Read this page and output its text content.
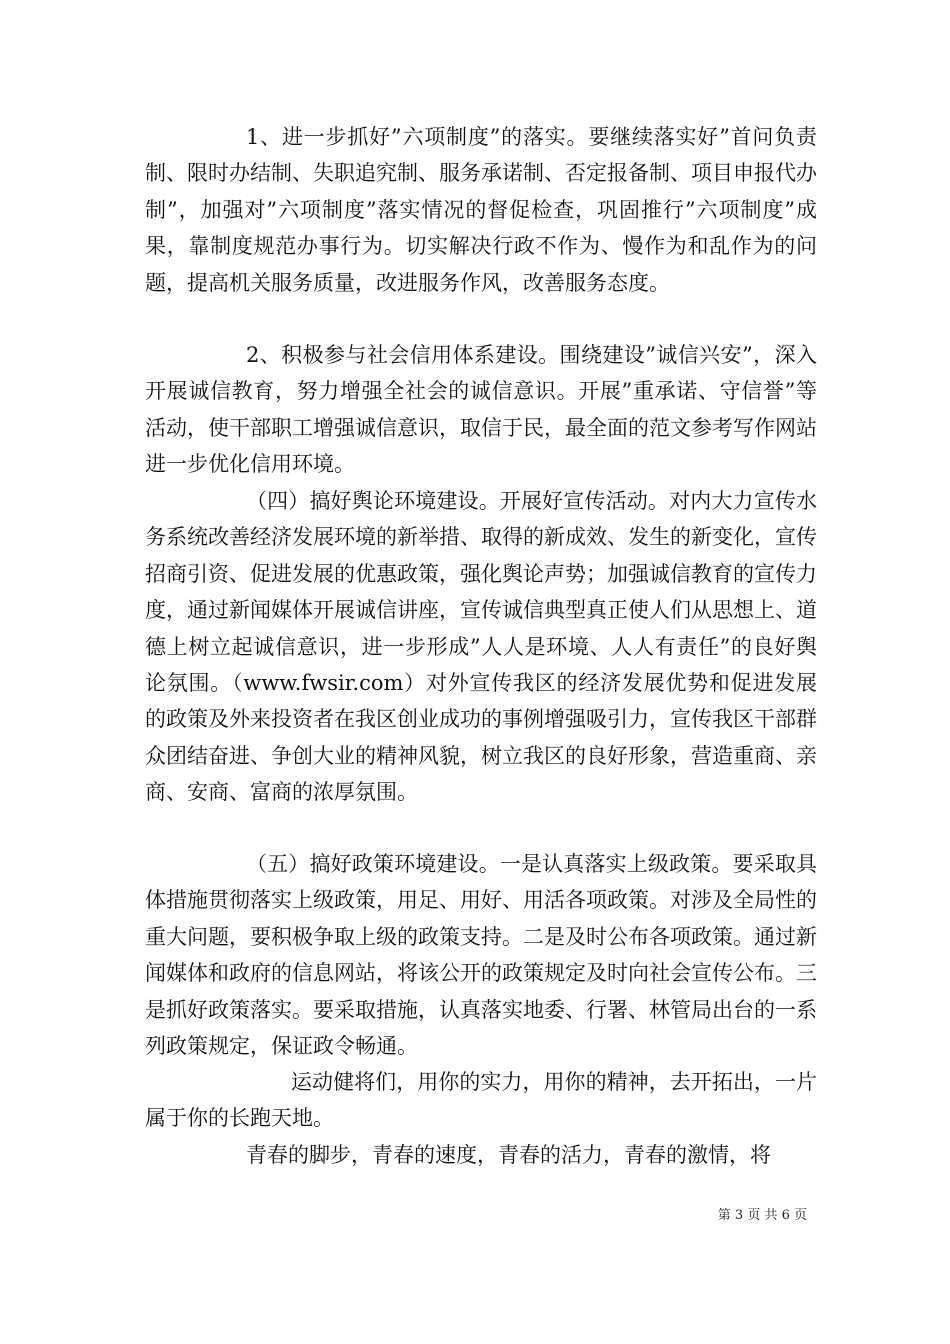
1、进一步抓好”六项制度”的落实。要继续落实好”首问负责制、限时办结制、失职追究制、服务承诺制、否定报备制、项目申报代办制”，加强对”六项制度”落实情况的督促检查，巩固推行”六项制度”成果，靠制度规范办事行为。切实解决行政不作为、慢作为和乱作为的问题，提高机关服务质量，改进服务作风，改善服务态度。

2、积极参与社会信用体系建设。围绕建设”诚信兴安”，深入开展诚信教育，努力增强全社会的诚信意识。开展”重承诺、守信誉”等活动，使干部职工增强诚信意识，取信于民，最全面的范文参考写作网站进一步优化信用环境。

（四）搞好舆论环境建设。开展好宣传活动。对内大力宣传水务系统改善经济发展环境的新举措、取得的新成效、发生的新变化，宣传招商引资、促进发展的优惠政策，强化舆论声势；加强诚信教育的宣传力度，通过新闻媒体开展诚信讲座，宣传诚信典型真正使人们从思想上、道德上树立起诚信意识，进一步形成”人人是环境、人人有责任”的良好舆论氛围。（www.fwsir.com）对外宣传我区的经济发展优势和促进发展的政策及外来投资者在我区创业成功的事例增强吸引力，宣传我区干部群众团结奋进、争创大业的精神风貌，树立我区的良好形象，营造重商、亲商、安商、富商的浓厚氛围。

（五）搞好政策环境建设。一是认真落实上级政策。要采取具体措施贯彻落实上级政策，用足、用好、用活各项政策。对涉及全局性的重大问题，要积极争取上级的政策支持。二是及时公布各项政策。通过新闻媒体和政府的信息网站，将该公开的政策规定及时向社会宣传公布。三是抓好政策落实。要采取措施，认真落实地委、行署、林管局出台的一系列政策规定，保证政令畅通。

运动健将们，用你的实力，用你的精神，去开拓出，一片属于你的长跑天地。

青春的脚步，青春的速度，青春的活力，青春的激情，将

第 3 页 共 6 页
